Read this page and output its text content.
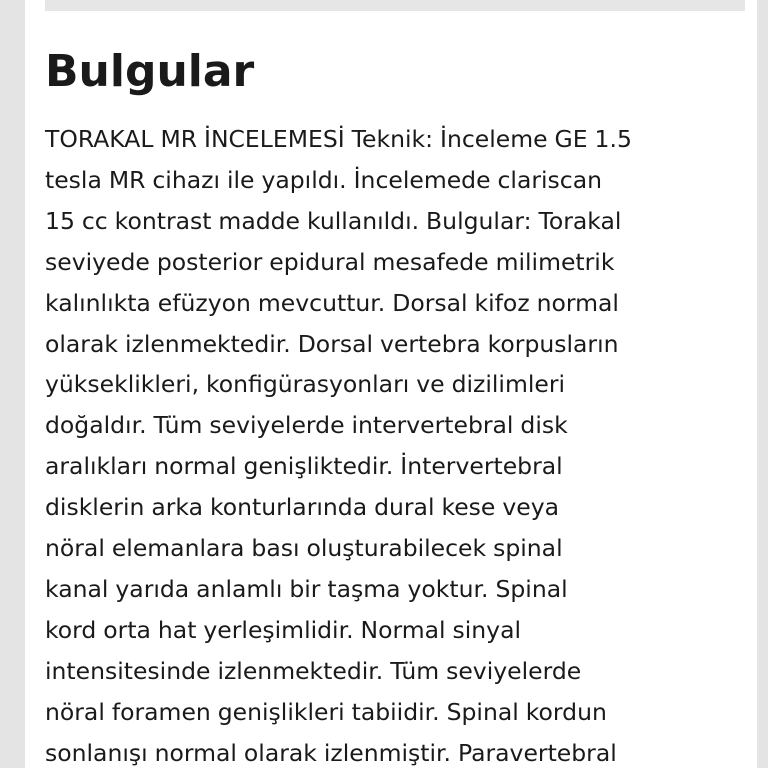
Bulgular

TORAKAL MR İNCELEMESİ Teknik: İnceleme GE 1.5
tesla MR cihazı ile yapıldı. İncelemede clariscan
15 cc kontrast madde kullanıldı. Bulgular: Torakal
seviyede posterior epidural mesafede milimetrik
kalınlıkta efüzyon mevcuttur. Dorsal kifoz normal
olarak izlenmektedir. Dorsal vertebra korpusların
yükseklikleri, konfigürasyonları ve dizilimleri
doğaldır. Tüm seviyelerde intervertebral disk
aralıkları normal genişliktedir. İntervertebral
disklerin arka konturlarında dural kese veya
nöral elemanlara bası oluşturabilecek spinal
kanal yarıda anlamlı bir taşma yoktur. Spinal
kord orta hat yerleşimlidir. Normal sinyal
intensitesinde izlenmektedir. Tüm seviyelerde
nöral foramen genişlikleri tabiidir. Spinal kordun
sonlanışı normal olarak izlenmiştir. Paravertebral
